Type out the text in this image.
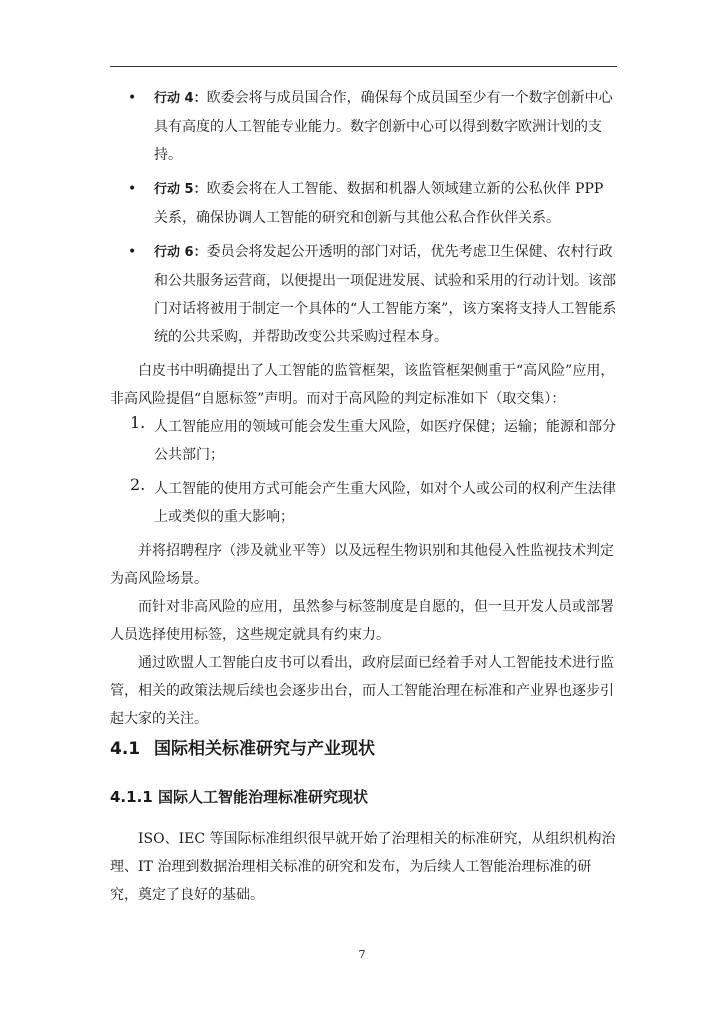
• 行动 4：欧委会将与成员国合作，确保每个成员国至少有一个数字创新中心具有高度的人工智能专业能力。数字创新中心可以得到数字欧洲计划的支持。

• 行动 5：欧委会将在人工智能、数据和机器人领域建立新的公私伙伴 PPP 关系，确保协调人工智能的研究和创新与其他公私合作伙伴关系。

• 行动 6：委员会将发起公开透明的部门对话，优先考虑卫生保健、农村行政和公共服务运营商，以便提出一项促进发展、试验和采用的行动计划。该部门对话将被用于制定一个具体的“人工智能方案”，该方案将支持人工智能系统的公共采购，并帮助改变公共采购过程本身。

白皮书中明确提出了人工智能的监管框架，该监管框架侧重于“高风险”应用，非高风险提倡“自愿标签”声明。而对于高风险的判定标准如下（取交集）：

1. 人工智能应用的领域可能会发生重大风险，如医疗保健；运输；能源和部分公共部门；

2. 人工智能的使用方式可能会产生重大风险，如对个人或公司的权利产生法律上或类似的重大影响；

并将招聘程序（涉及就业平等）以及远程生物识别和其他侵入性监视技术判定为高风险场景。

而针对非高风险的应用，虽然参与标签制度是自愿的，但一旦开发人员或部署人员选择使用标签，这些规定就具有约束力。

通过欧盟人工智能白皮书可以看出，政府层面已经着手对人工智能技术进行监管，相关的政策法规后续也会逐步出台，而人工智能治理在标准和产业界也逐步引起大家的关注。

4.1 国际相关标准研究与产业现状
4.1.1 国际人工智能治理标准研究现状

ISO、IEC 等国际标准组织很早就开始了治理相关的标准研究，从组织机构治理、IT 治理到数据治理相关标准的研究和发布，为后续人工智能治理标准的研究，奠定了良好的基础。

7
